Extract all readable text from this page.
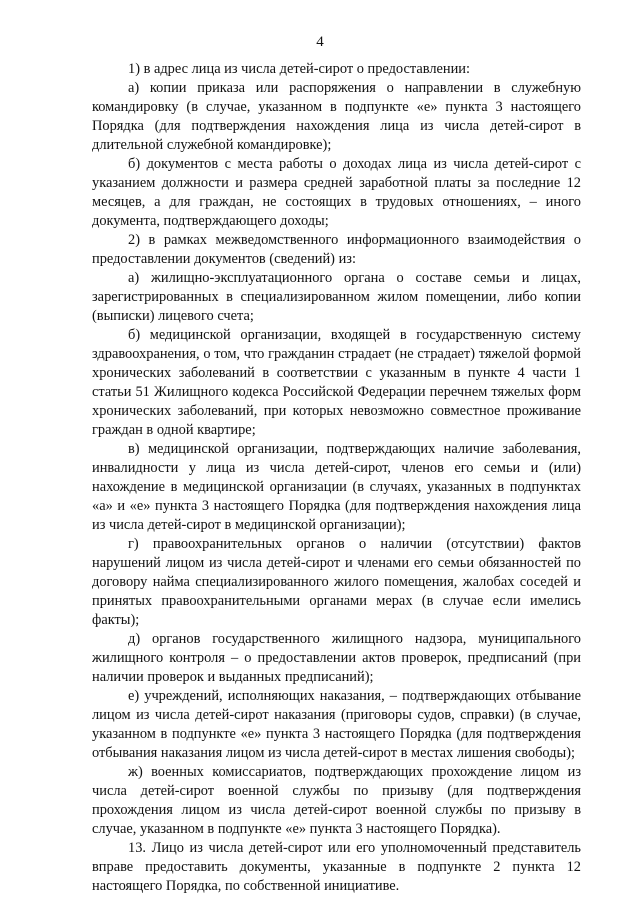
4

1) в адрес лица из числа детей-сирот о предоставлении:

а) копии приказа или распоряжения о направлении в служебную командировку (в случае, указанном в подпункте «е» пункта 3 настоящего Порядка (для подтверждения нахождения лица из числа детей-сирот в длительной служебной командировке);

б) документов с места работы о доходах лица из числа детей-сирот с указанием должности и размера средней заработной платы за последние 12 месяцев, а для граждан, не состоящих в трудовых отношениях, – иного документа, подтверждающего доходы;

2) в рамках межведомственного информационного взаимодействия о предоставлении документов (сведений) из:

а) жилищно-эксплуатационного органа о составе семьи и лицах, зарегистрированных в специализированном жилом помещении, либо копии (выписки) лицевого счета;

б) медицинской организации, входящей в государственную систему здравоохранения, о том, что гражданин страдает (не страдает) тяжелой формой хронических заболеваний в соответствии с указанным в пункте 4 части 1 статьи 51 Жилищного кодекса Российской Федерации перечнем тяжелых форм хронических заболеваний, при которых невозможно совместное проживание граждан в одной квартире;

в) медицинской организации, подтверждающих наличие заболевания, инвалидности у лица из числа детей-сирот, членов его семьи и (или) нахождение в медицинской организации (в случаях, указанных в подпунктах «а» и «е» пункта 3 настоящего Порядка (для подтверждения нахождения лица из числа детей-сирот в медицинской организации);

г) правоохранительных органов о наличии (отсутствии) фактов нарушений лицом из числа детей-сирот и членами его семьи обязанностей по договору найма специализированного жилого помещения, жалобах соседей и принятых правоохранительными органами мерах (в случае если имелись факты);

д) органов государственного жилищного надзора, муниципального жилищного контроля – о предоставлении актов проверок, предписаний (при наличии проверок и выданных предписаний);

е) учреждений, исполняющих наказания, – подтверждающих отбывание лицом из числа детей-сирот наказания (приговоры судов, справки) (в случае, указанном в подпункте «е» пункта 3 настоящего Порядка (для подтверждения отбывания наказания лицом из числа детей-сирот в местах лишения свободы);

ж) военных комиссариатов, подтверждающих прохождение лицом из числа детей-сирот военной службы по призыву (для подтверждения прохождения лицом из числа детей-сирот военной службы по призыву в случае, указанном в подпункте «е» пункта 3 настоящего Порядка).

13. Лицо из числа детей-сирот или его уполномоченный представитель вправе предоставить документы, указанные в подпункте 2 пункта 12 настоящего Порядка, по собственной инициативе.
